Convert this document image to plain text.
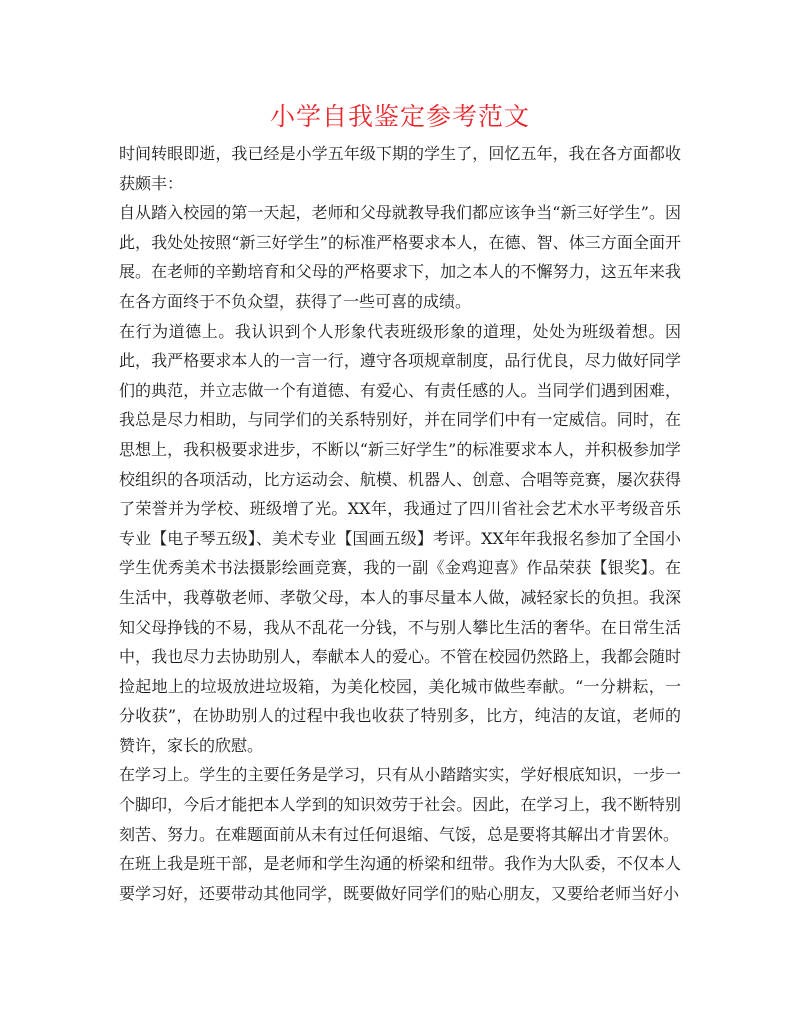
小学自我鉴定参考范文

时间转眼即逝，我已经是小学五年级下期的学生了，回忆五年，我在各方面都收获颇丰：

自从踏入校园的第一天起，老师和父母就教导我们都应该争当“新三好学生”。因此，我处处按照“新三好学生”的标准严格要求本人，在德、智、体三方面全面开展。在老师的辛勤培育和父母的严格要求下，加之本人的不懈努力，这五年来我在各方面终于不负众望，获得了一些可喜的成绩。

在行为道德上。我认识到个人形象代表班级形象的道理，处处为班级着想。因此，我严格要求本人的一言一行，遵守各项规章制度，品行优良，尽力做好同学们的典范，并立志做一个有道德、有爱心、有责任感的人。当同学们遇到困难，我总是尽力相助，与同学们的关系特别好，并在同学们中有一定威信。同时，在思想上，我积极要求进步，不断以“新三好学生”的标准要求本人，并积极参加学校组织的各项活动，比方运动会、航模、机器人、创意、合唱等竞赛，屡次获得了荣誉并为学校、班级增了光。XX年，我通过了四川省社会艺术水平考级音乐专业【电子琴五级】、美术专业【国画五级】考评。XX年年我报名参加了全国小学生优秀美术书法摄影绘画竞赛，我的一副《金鸡迎喜》作品荣获【银奖】。在生活中，我尊敬老师、孝敬父母，本人的事尽量本人做，减轻家长的负担。我深知父母挣钱的不易，我从不乱花一分钱，不与别人攀比生活的奢华。在日常生活中，我也尽力去协助别人，奉献本人的爱心。不管在校园仍然路上，我都会随时捡起地上的垃圾放进垃圾箱，为美化校园，美化城市做些奉献。“一分耕耘，一分收获”，在协助别人的过程中我也收获了特别多，比方，纯洁的友谊，老师的赞许，家长的欣慰。

在学习上。学生的主要任务是学习，只有从小踏踏实实，学好根底知识，一步一个脚印，今后才能把本人学到的知识效劳于社会。因此，在学习上，我不断特别刻苦、努力。在难题面前从未有过任何退缩、气馁，总是要将其解出才肯罢休。

在班上我是班干部，是老师和学生沟通的桥梁和纽带。我作为大队委，不仅本人要学习好，还要带动其他同学，既要做好同学们的贴心朋友，又要给老师当好小
